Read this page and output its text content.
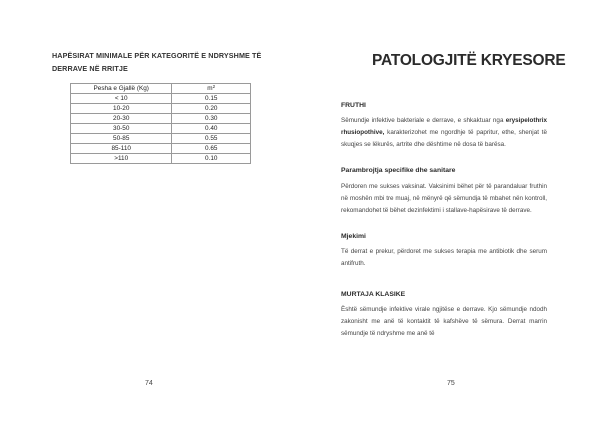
HAPËSIRAT MINIMALE PËR KATEGORITË E NDRYSHME TË DERRAVE NË RRITJE
Pesha e Gjallë (Kg)	$m^2$
< 10	0.15
10-20	0.20
20-30	0.30
30-50	0.40
50-85	0.55
85-110	0.65
>110	0.10
74
PATOLOGJITË KRYESORE
FRUTHI

Sëmundje infektive bakteriale e derrave, e shkaktuar nga erysipelothrix rhusiopothive, karakterizohet me ngordhje të papritur, ethe, shenjat të skuqjes se lëkurës, artrite dhe dështime në dosa të barësa.

Parambrojtja specifike dhe sanitare

Përdoren me sukses vaksinat. Vaksinimi bëhet për të parandaluar fruthin në moshën mbi tre muaj, në mënyrë që sëmundja të mbahet nën kontroll, rekomandohet të bëhet dezinfektimi i stallave-hapësirave të derrave.

Mjekimi

Të derrat e prekur, përdoret me sukses terapia me antibiotik dhe serum antifruth.

MURTAJA KLASIKE

Është sëmundje infektive virale ngjitëse e derrave. Kjo sëmundje ndodh zakonisht me anë të kontaktit të kafshëve të sëmura. Derrat marrin sëmundje të ndryshme me anë të

75
